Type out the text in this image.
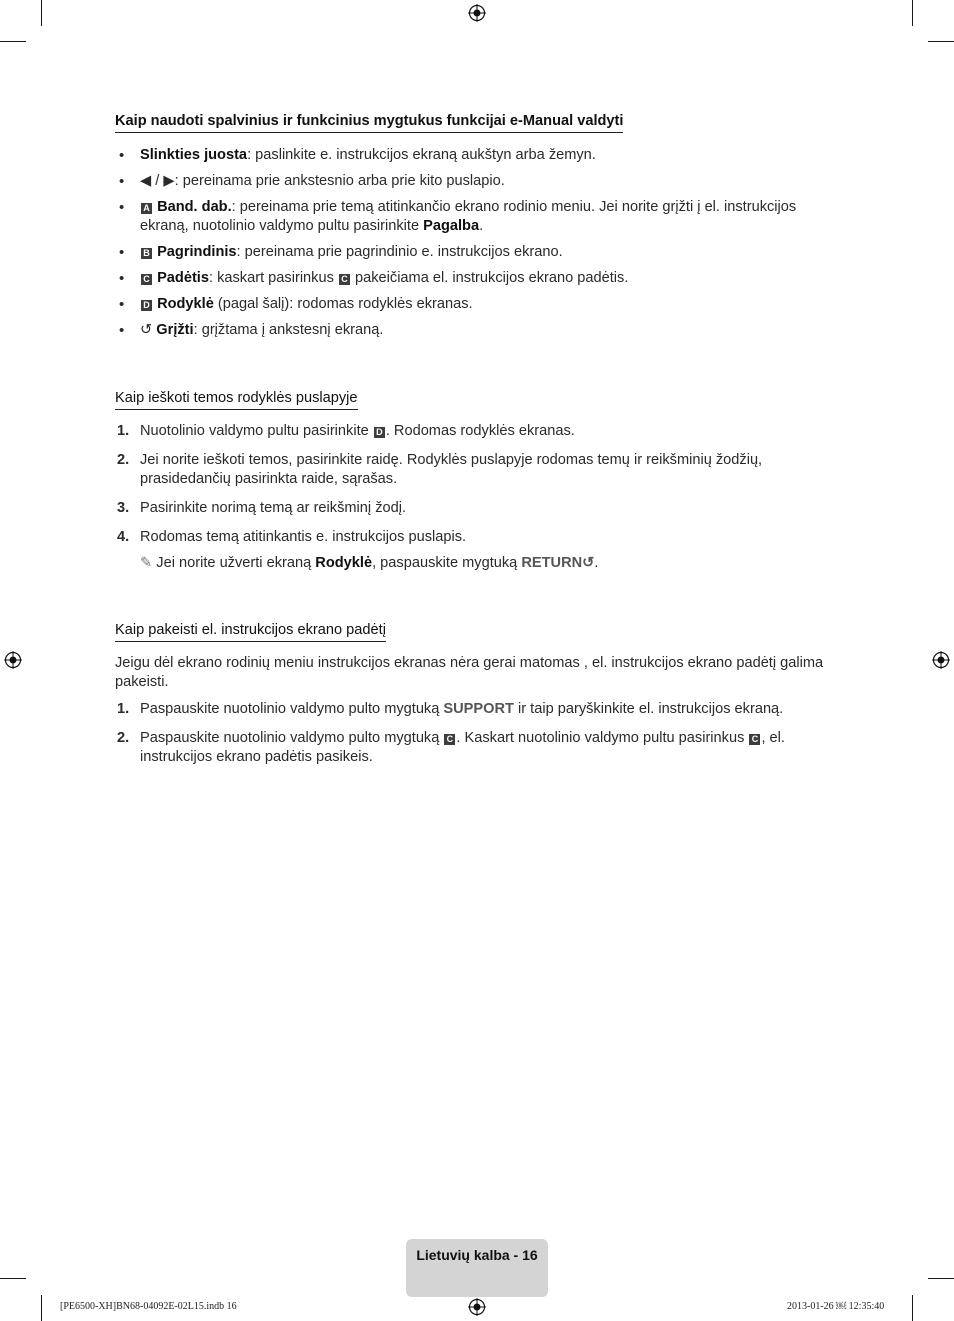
Kaip naudoti spalvinius ir funkcinius mygtukus funkcijai e-Manual valdyti
• Slinkties juosta: paslinkite e. instrukcijos ekraną aukštyn arba žemyn.
• ◀ / ▶: pereinama prie ankstesnio arba prie kito puslapio.
• A Band. dab.: pereinama prie temą atitinkančio ekrano rodinio meniu. Jei norite grįžti į el. instrukcijos ekraną, nuotolinio valdymo pultu pasirinkite Pagalba.
• B Pagrindinis: pereinama prie pagrindinio e. instrukcijos ekrano.
• C Padėtis: kaskart pasirinkus C pakeičiama el. instrukcijos ekrano padėtis.
• D Rodyklė (pagal šalį): rodomas rodyklės ekranas.
• ↺ Grįžti: grįžtama į ankstesnį ekraną.
Kaip ieškoti temos rodyklės puslapyje
1. Nuotolinio valdymo pultu pasirinkite D . Rodomas rodyklės ekranas.
2. Jei norite ieškoti temos, pasirinkite raidę. Rodyklės puslapyje rodomas temų ir reikšminių žodžių, prasidedančių pasirinkta raide, sąrašas.
3. Pasirinkite norimą temą ar reikšminį žodį.
4. Rodomas temą atitinkantis e. instrukcijos puslapis.
✎ Jei norite užverti ekraną Rodyklė, paspauskite mygtuką RETURN↺.
Kaip pakeisti el. instrukcijos ekrano padėtį
Jeigu dėl ekrano rodinių meniu instrukcijos ekranas nėra gerai matomas , el. instrukcijos ekrano padėtį galima pakeisti.
1. Paspauskite nuotolinio valdymo pulto mygtuką SUPPORT ir taip paryškinkite el. instrukcijos ekraną.
2. Paspauskite nuotolinio valdymo pulto mygtuką C . Kaskart nuotolinio valdymo pultu pasirinkus C , el. instrukcijos ekrano padėtis pasikeis.
Lietuvių kalba - 16
[PE6500-XH]BN68-04092E-02L15.indb 16	2013-01-26 ￼ 12:35:40
